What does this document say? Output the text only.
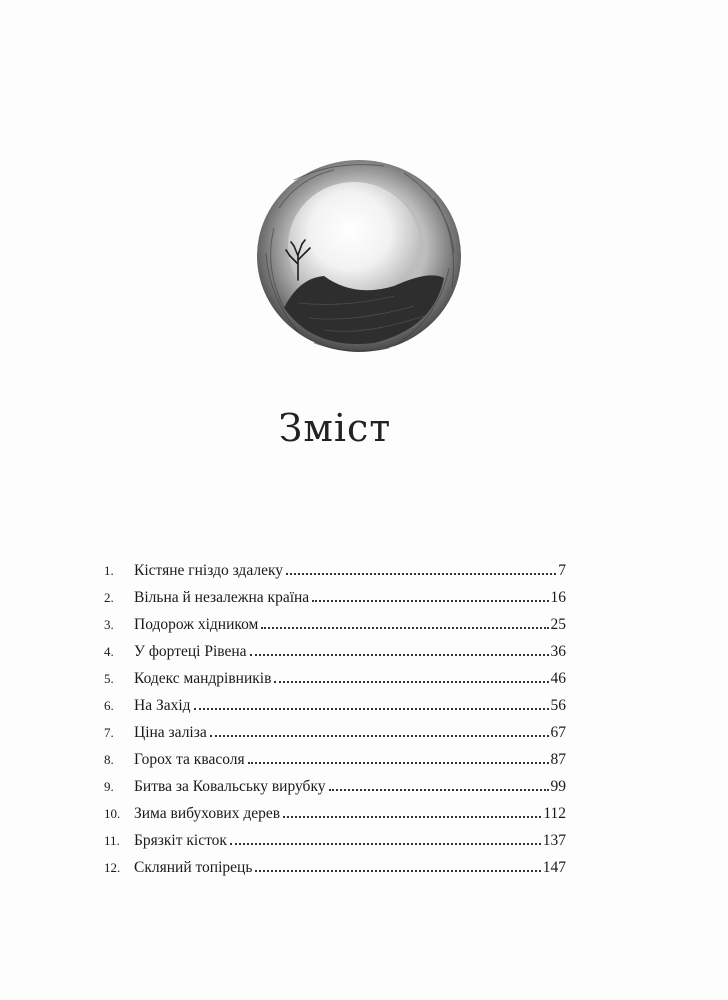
Зміст
1.	Кістяне гніздо здалеку	7
2.	Вільна й незалежна країна	16
3.	Подорож хідником	25
4.	У фортеці Рівена	36
5.	Кодекс мандрівників	46
6.	На Захід	56
7.	Ціна заліза	67
8.	Горох та квасоля	87
9.	Битва за Ковальську вирубку	99
10. Зима вибухових дерев	112
11. Брязкіт кісток	137
12. Скляний топірець	147
